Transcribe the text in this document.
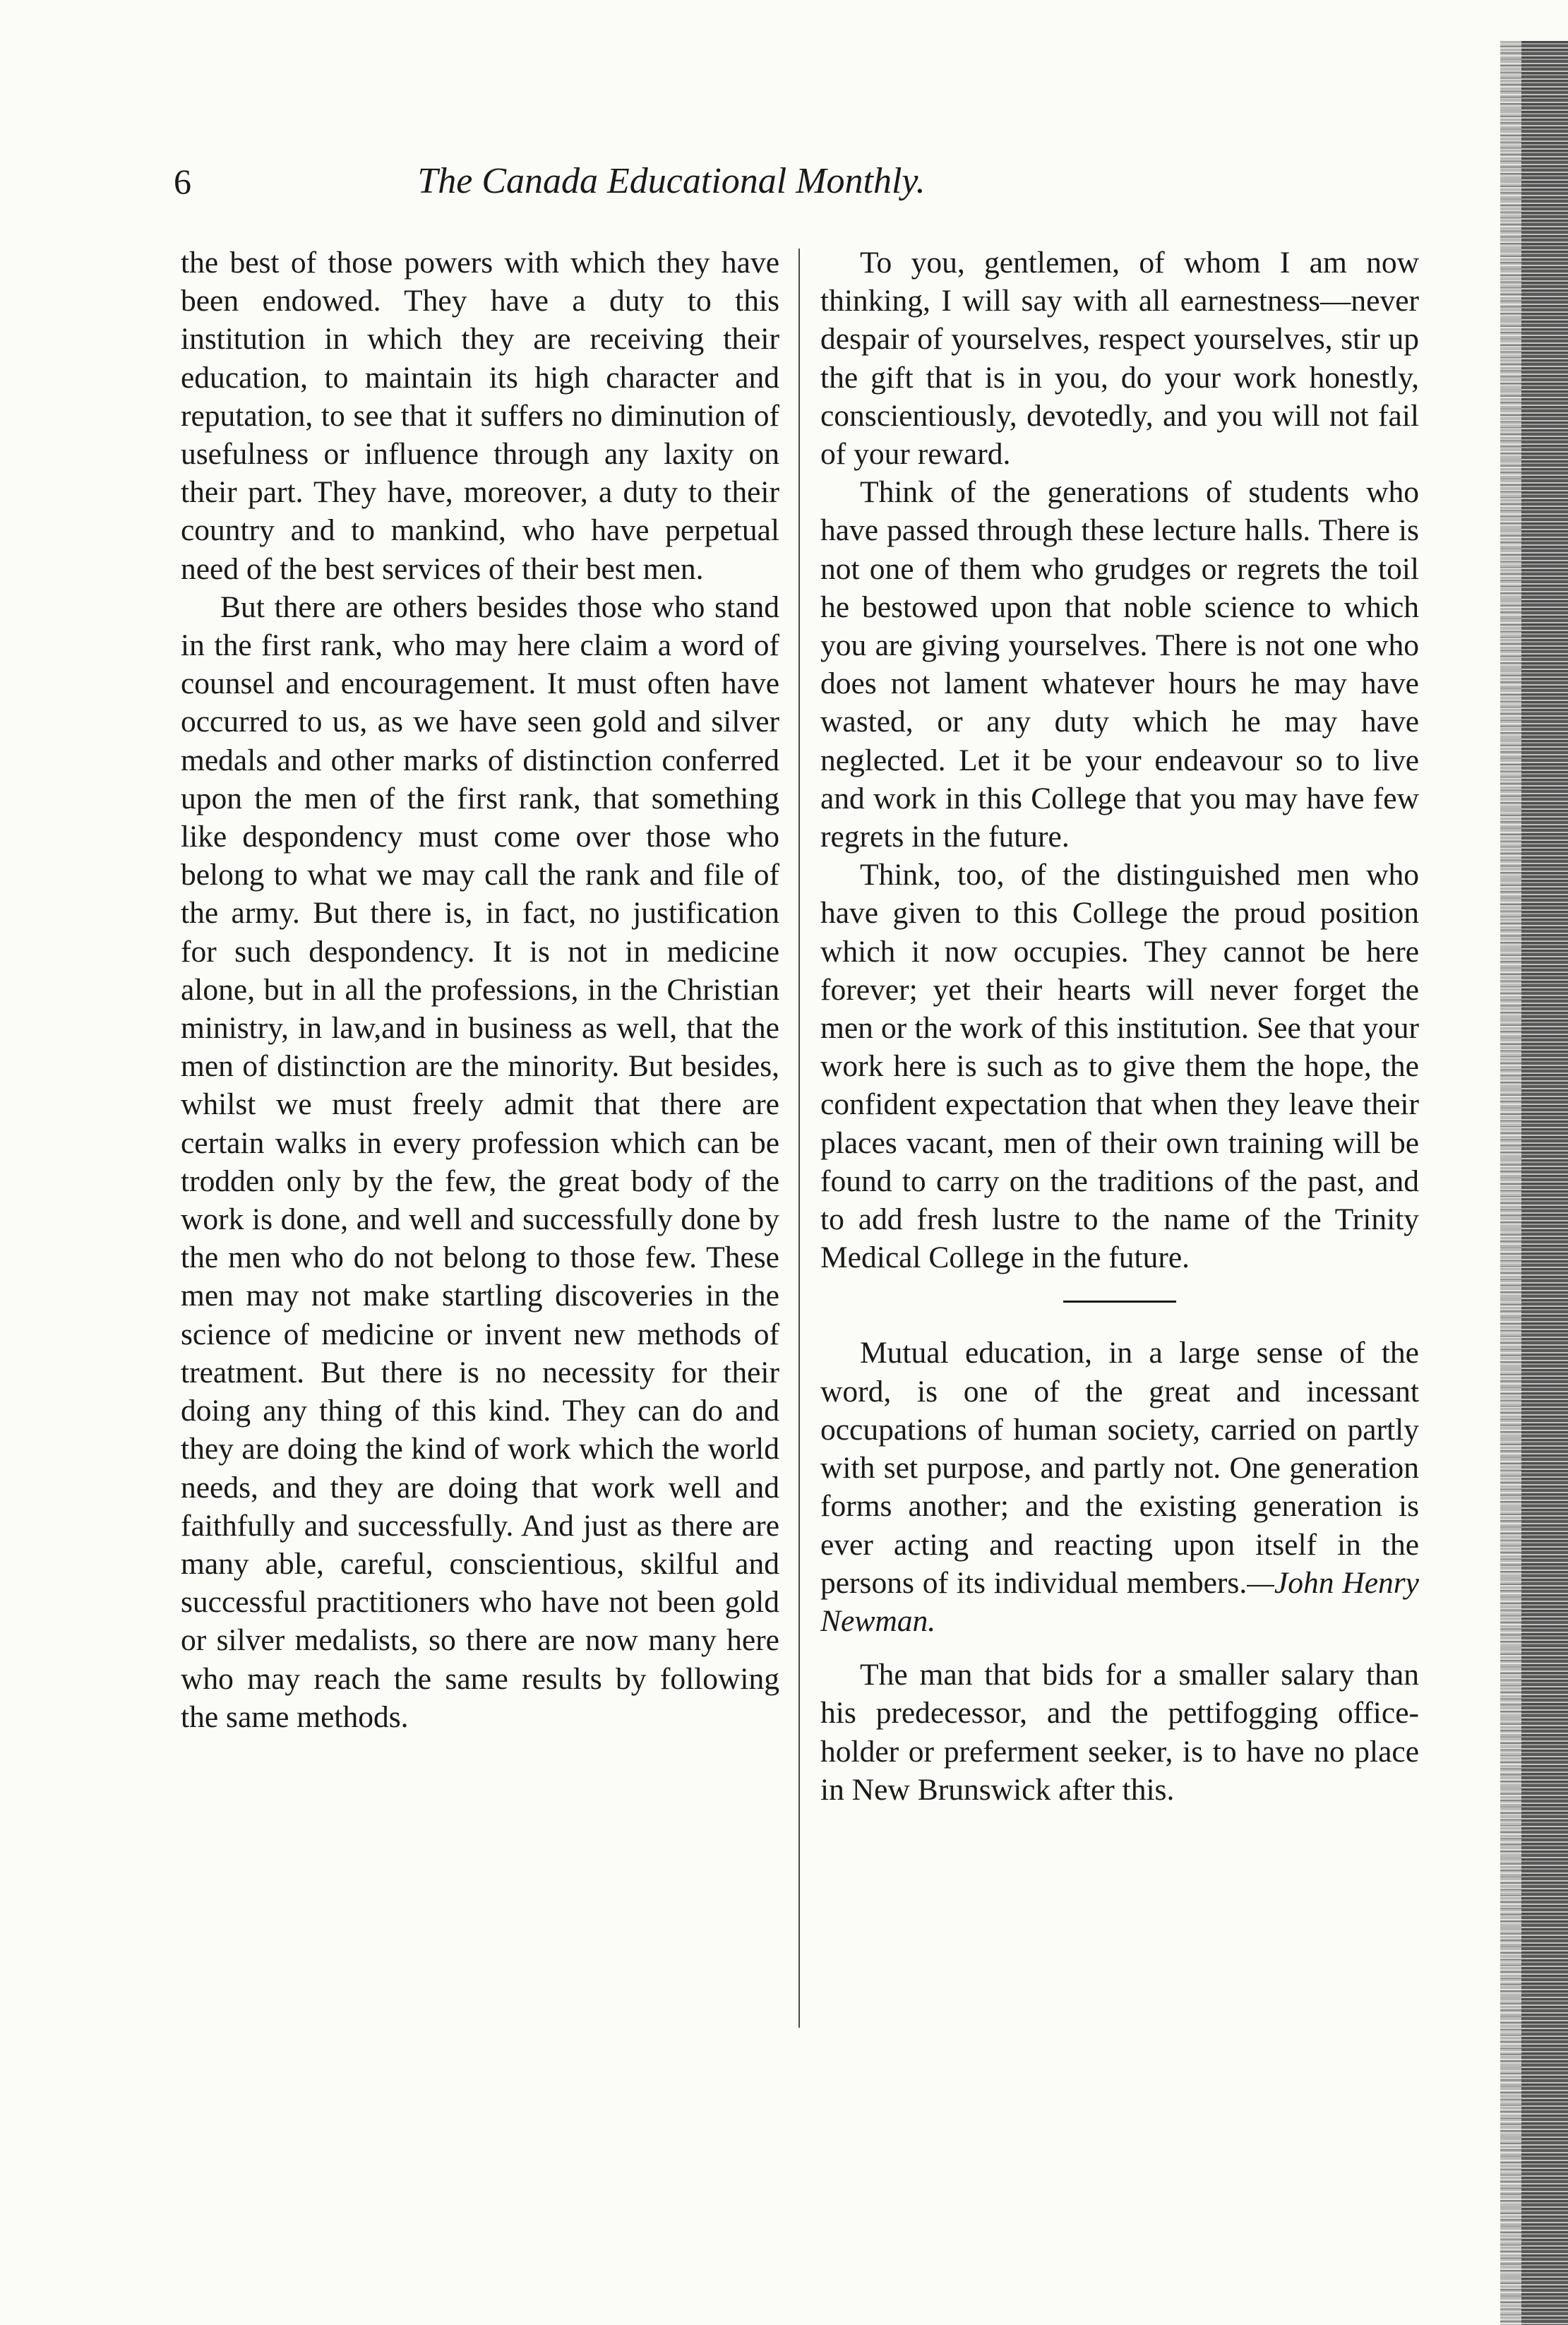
6	The Canada Educational Monthly.

the best of those powers with which they have been endowed. They have a duty to this institution in which they are receiving their education, to maintain its high character and reputation, to see that it suffers no diminution of usefulness or influence through any laxity on their part. They have, moreover, a duty to their country and to mankind, who have perpetual need of the best services of their best men.

But there are others besides those who stand in the first rank, who may here claim a word of counsel and encouragement. It must often have occurred to us, as we have seen gold and silver medals and other marks of distinction conferred upon the men of the first rank, that something like despondency must come over those who belong to what we may call the rank and file of the army. But there is, in fact, no justification for such despondency. It is not in medicine alone, but in all the professions, in the Christian ministry, in law,and in business as well, that the men of distinction are the minority. But besides, whilst we must freely admit that there are certain walks in every profession which can be trodden only by the few, the great body of the work is done, and well and successfully done by the men who do not belong to those few. These men may not make startling discoveries in the science of medicine or invent new methods of treatment. But there is no necessity for their doing any thing of this kind. They can do and they are doing the kind of work which the world needs, and they are doing that work well and faithfully and successfully. And just as there are many able, careful, conscientious, skilful and successful practitioners who have not been gold or silver medalists, so there are now many here who may reach the same results by following the same methods.

To you, gentlemen, of whom I am now thinking, I will say with all earnestness—never despair of yourselves, respect yourselves, stir up the gift that is in you, do your work honestly, conscientiously, devotedly, and you will not fail of your reward.

Think of the generations of students who have passed through these lecture halls. There is not one of them who grudges or regrets the toil he bestowed upon that noble science to which you are giving yourselves. There is not one who does not lament whatever hours he may have wasted, or any duty which he may have neglected. Let it be your endeavour so to live and work in this College that you may have few regrets in the future.

Think, too, of the distinguished men who have given to this College the proud position which it now occupies. They cannot be here forever; yet their hearts will never forget the men or the work of this institution. See that your work here is such as to give them the hope, the confident expectation that when they leave their places vacant, men of their own training will be found to carry on the traditions of the past, and to add fresh lustre to the name of the Trinity Medical College in the future.

Mutual education, in a large sense of the word, is one of the great and incessant occupations of human society, carried on partly with set purpose, and partly not. One generation forms another; and the existing generation is ever acting and reacting upon itself in the persons of its individual members.—John Henry Newman.

The man that bids for a smaller salary than his predecessor, and the pettifogging office-holder or preferment seeker, is to have no place in New Brunswick after this.
